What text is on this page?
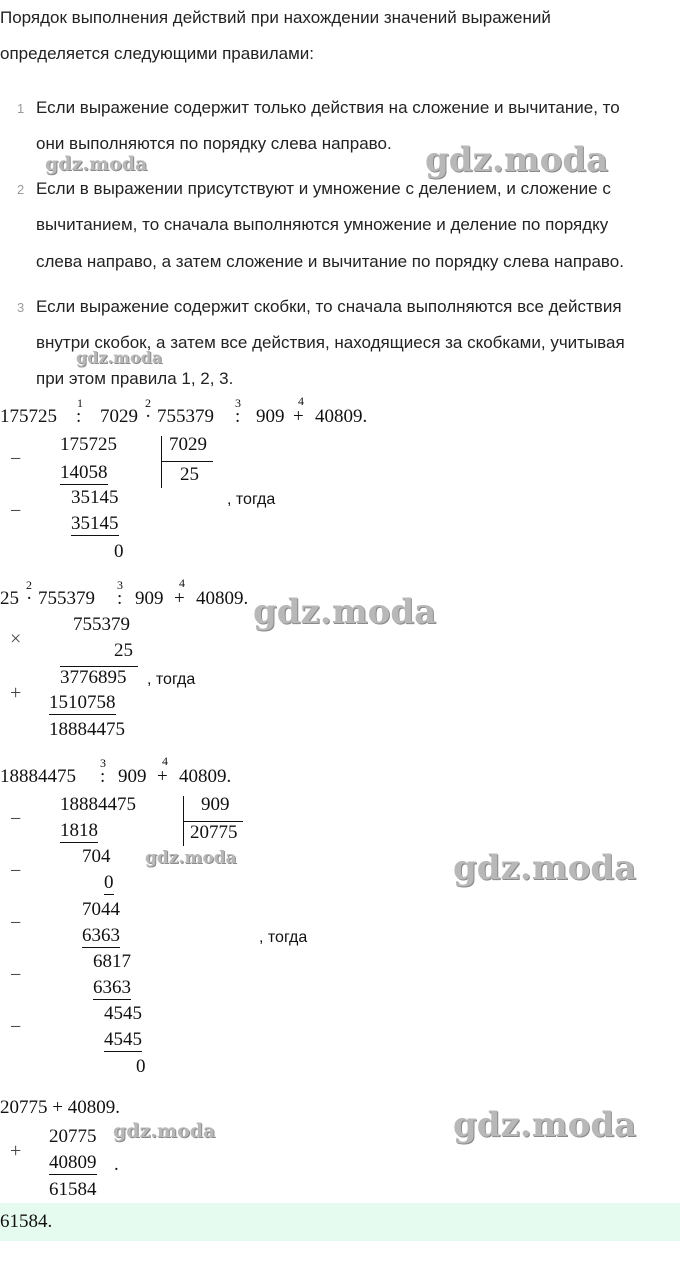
Порядок выполнения действий при нахождении значений выражений
определяется следующими правилами:
1 Если выражение содержит только действия на сложение и вычитание, то
они выполняются по порядку слева направо.
2 Если в выражении присутствуют и умножение с делением, и сложение с
вычитанием, то сначала выполняются умножение и деление по порядку
слева направо, а затем сложение и вычитание по порядку слева направо.
3 Если выражение содержит скобки, то сначала выполняются все действия
внутри скобок, а затем все действия, находящиеся за скобками, учитывая
при этом правила 1, 2, 3.
gdz.moda	gdz.moda
gdz.moda
gdz.moda
gdz.moda	gdz.moda
gdz.moda	gdz.moda
175725
1
: 7029
2
· 755379
3
: 909
4
+ 40809.
−
175725
14058
7029
25
−
35145
35145
0
, тогда
25
2
· 755379
3
: 909
4
+ 40809.
×
755379
25
3776895
+ 1510758
18884475
, тогда
18884475
3
: 909
4
+ 40809.
−
18884475	909
20775
1818
−
704
0
−
7044
6363
−
6817
6363
−
4545
4545
0
, тогда
20775 + 40809.
+
20775
40809 .
61584
61584.
